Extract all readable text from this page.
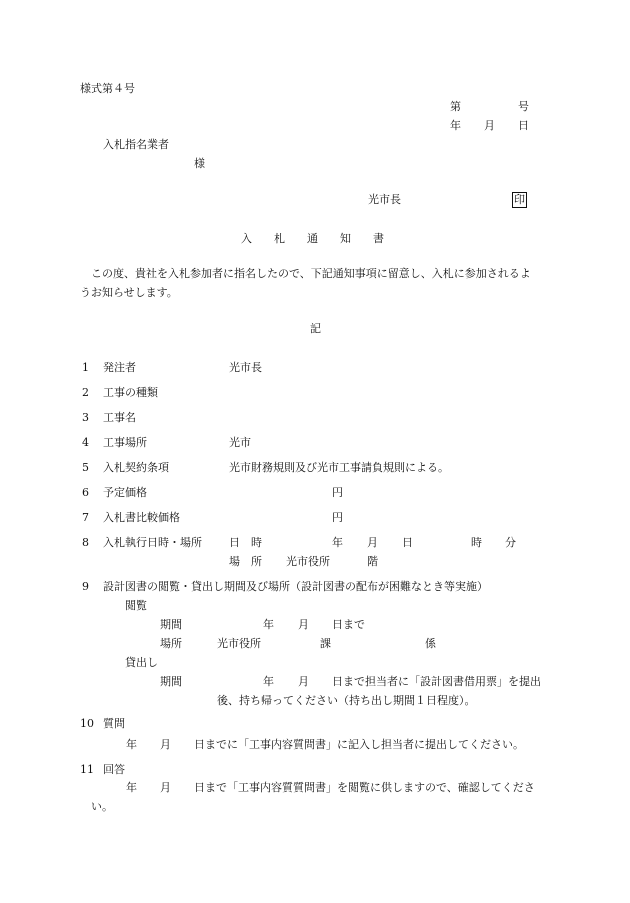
様式第４号
第	号
年 月 日
入札指名業者
様
光市長	印
入　　札　　通　　知　　書
　この度、貴社を入札参加者に指名したので、下記通知事項に留意し、入札に参加されるよ
うお知らせします。
記
1 発注者	光市長
2 工事の種類
3 工事名
4 工事場所	光市
5 入札契約条項	光市財務規則及び光市工事請負規則による。
6 予定価格	円
7 入札書比較価格	円
8 入札執行日時・場所 日　時	年 月 日	時 分
場　所 光市役所	階
9 設計図書の閲覧・貸出し期間及び場所（設計図書の配布が困難なとき等実施）
閲覧
期間	年 月 日まで
場所	光市役所	課	係
貸出し
期間	年 月 日まで担当者に「設計図書借用票」を提出
後、持ち帰ってください（持ち出し期間１日程度）。
10 質問
年 月 日までに「工事内容質問書」に記入し担当者に提出してください。
11 回答
年 月 日まで「工事内容質質問書」を閲覧に供しますので、確認してくださ
い。
